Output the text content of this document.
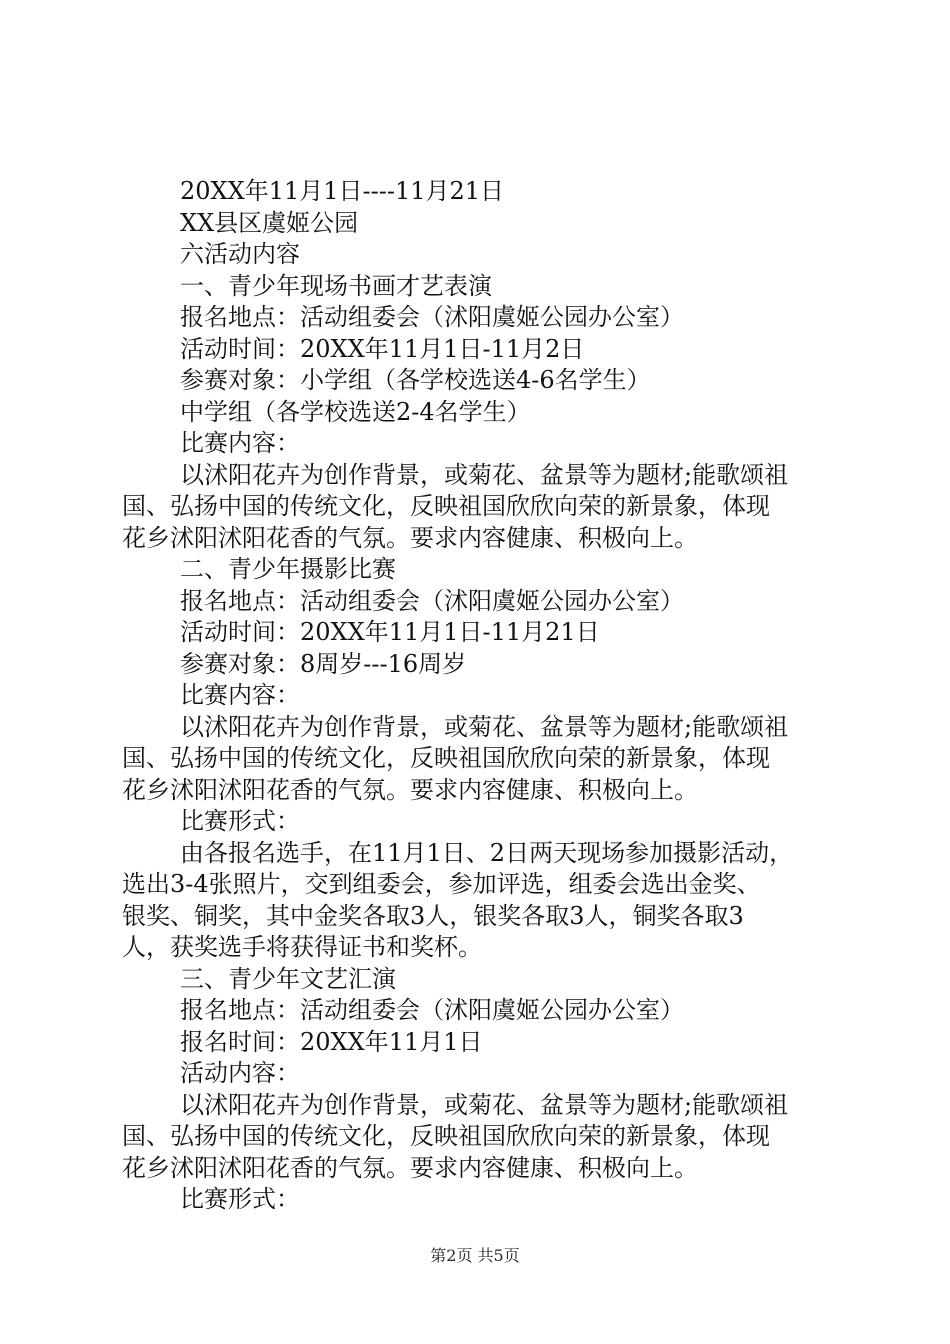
20XX年11月1日----11月21日
XX县区虞姬公园
六活动内容
一、青少年现场书画才艺表演
报名地点：活动组委会（沭阳虞姬公园办公室）
活动时间：20XX年11月1日-11月2日
参赛对象：小学组（各学校选送4-6名学生）
中学组（各学校选送2-4名学生）
比赛内容：
以沭阳花卉为创作背景，或菊花、盆景等为题材;能歌颂祖
国、弘扬中国的传统文化，反映祖国欣欣向荣的新景象，体现
花乡沭阳沭阳花香的气氛。要求内容健康、积极向上。
二、青少年摄影比赛
报名地点：活动组委会（沭阳虞姬公园办公室）
活动时间：20XX年11月1日-11月21日
参赛对象：8周岁---16周岁
比赛内容：
以沭阳花卉为创作背景，或菊花、盆景等为题材;能歌颂祖
国、弘扬中国的传统文化，反映祖国欣欣向荣的新景象，体现
花乡沭阳沭阳花香的气氛。要求内容健康、积极向上。
比赛形式：
由各报名选手，在11月1日、2日两天现场参加摄影活动，
选出3-4张照片，交到组委会，参加评选，组委会选出金奖、
银奖、铜奖，其中金奖各取3人，银奖各取3人，铜奖各取3
人，获奖选手将获得证书和奖杯。
三、青少年文艺汇演
报名地点：活动组委会（沭阳虞姬公园办公室）
报名时间：20XX年11月1日
活动内容：
以沭阳花卉为创作背景，或菊花、盆景等为题材;能歌颂祖
国、弘扬中国的传统文化，反映祖国欣欣向荣的新景象，体现
花乡沭阳沭阳花香的气氛。要求内容健康、积极向上。
比赛形式：
第2页 共5页
